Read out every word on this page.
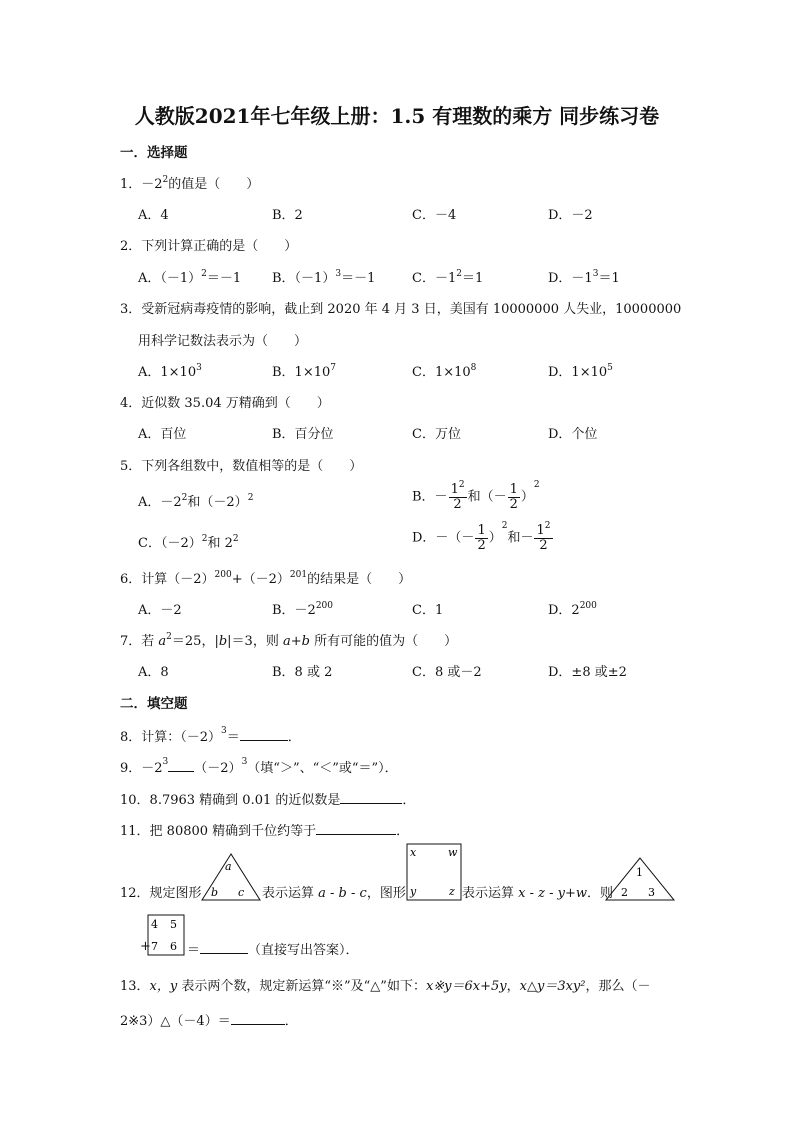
人教版2021年七年级上册：1.5 有理数的乘方 同步练习卷
一．选择题
1．$-2^2$的值是（　　）
A．4	B．2	C．－4	D．－2
2．下列计算正确的是（　　）
A．$(-1)^2=-1$ B．$(-1)^3=-1$	C．$-1^2=1$	D．$-1^3=1$
3．受新冠病毒疫情的影响，截止到 2020 年 4 月 3 日，美国有 10000000 人失业，10000000
用科学记数法表示为（　　）
A．$1\times 10^3$	B．$1\times 10^7$	C．$1\times 10^8$	D．$1\times 10^5$
4．近似数 35.04 万精确到（　　）
A．百位	B．百分位	C．万位	D．个位
5．下列各组数中，数值相等的是（　　）
A．$-2^2$和$(-2)^2$	B．－ $\frac{1^2}{2}$ 和（－ $\frac{1}{2} )^2$
C．$(-2)^2$和 $2^2$	D．－（－ $\frac{1}{2} )^2$和－ $\frac{1^2}{2}$
6．计算$(-2)^{200}+(-2)^{201}$的结果是（　　）
A．－2	B．$-2^{200}$	C．1	D．$2^{200}$
7．若 $a^2=25$，|b|＝3，则 a+b 所有可能的值为（　　）
A．8	B．8 或 2	C．8 或－2	D．±8 或±2
二．填空题
8．计算：$(-2)^3=$	．
9．$-2^3$ $(-2)^3$（填“＞”、“＜”或“＝”）．
10．8.7963 精确到 0.01 的近似数是	．
11．把 80800 精确到千位约等于	．
12．规定图形
a
b c 表示运算 a - b - c，图形
x	w
y	z 表示运算 x - z - y+w．则
1
2 3
+
4 5
7 6 ＝	（直接写出答案）．
13．x，y 表示两个数，规定新运算“※”及“△”如下：x※y＝6x+5y，x△y＝3xy²，那么（－
2※3）△（－4）＝	．
